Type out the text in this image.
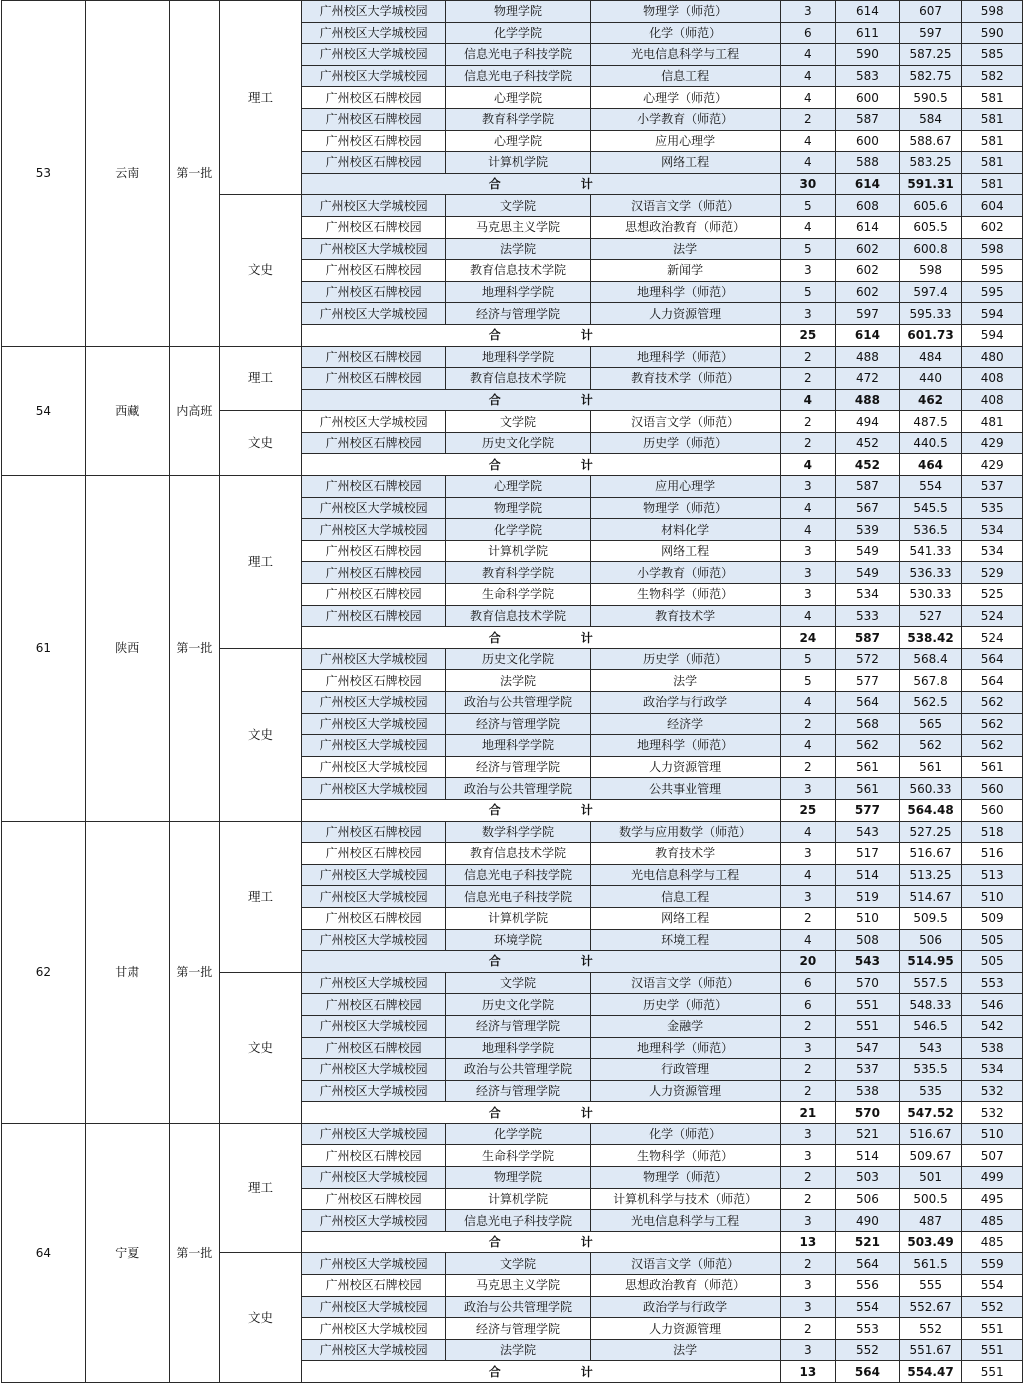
53	云南	第一批	理工	广州校区大学城校园	物理学院	物理学（师范）	3	614	607	598
				广州校区大学城校园	化学学院	化学（师范）	6	611	597	590
				广州校区大学城校园	信息光电子科技学院	光电信息科学与工程	4	590	587.25	585
				广州校区大学城校园	信息光电子科技学院	信息工程	4	583	582.75	582
				广州校区石牌校园	心理学院	心理学（师范）	4	600	590.5	581
				广州校区石牌校园	教育科学学院	小学教育（师范）	2	587	584	581
				广州校区石牌校园	心理学院	应用心理学	4	600	588.67	581
				广州校区石牌校园	计算机学院	网络工程	4	588	583.25	581
				合 计			30	614	591.31	581
			文史	广州校区大学城校园	文学院	汉语言文学（师范）	5	608	605.6	604
				广州校区石牌校园	马克思主义学院	思想政治教育（师范）	4	614	605.5	602
				广州校区大学城校园	法学院	法学	5	602	600.8	598
				广州校区石牌校园	教育信息技术学院	新闻学	3	602	598	595
				广州校区石牌校园	地理科学学院	地理科学（师范）	5	602	597.4	595
				广州校区大学城校园	经济与管理学院	人力资源管理	3	597	595.33	594
				合 计			25	614	601.73	594
54	西藏	内高班	理工	广州校区石牌校园	地理科学学院	地理科学（师范）	2	488	484	480
				广州校区石牌校园	教育信息技术学院	教育技术学（师范）	2	472	440	408
				合 计			4	488	462	408
			文史	广州校区大学城校园	文学院	汉语言文学（师范）	2	494	487.5	481
				广州校区石牌校园	历史文化学院	历史学（师范）	2	452	440.5	429
				合 计			4	452	464	429
61	陕西	第一批	理工	广州校区石牌校园	心理学院	应用心理学	3	587	554	537
				广州校区大学城校园	物理学院	物理学（师范）	4	567	545.5	535
				广州校区大学城校园	化学学院	材料化学	4	539	536.5	534
				广州校区石牌校园	计算机学院	网络工程	3	549	541.33	534
				广州校区石牌校园	教育科学学院	小学教育（师范）	3	549	536.33	529
				广州校区石牌校园	生命科学学院	生物科学（师范）	3	534	530.33	525
				广州校区石牌校园	教育信息技术学院	教育技术学	4	533	527	524
				合 计			24	587	538.42	524
			文史	广州校区大学城校园	历史文化学院	历史学（师范）	5	572	568.4	564
				广州校区石牌校园	法学院	法学	5	577	567.8	564
				广州校区大学城校园	政治与公共管理学院	政治学与行政学	4	564	562.5	562
				广州校区大学城校园	经济与管理学院	经济学	2	568	565	562
				广州校区大学城校园	地理科学学院	地理科学（师范）	4	562	562	562
				广州校区大学城校园	经济与管理学院	人力资源管理	2	561	561	561
				广州校区大学城校园	政治与公共管理学院	公共事业管理	3	561	560.33	560
				合 计			25	577	564.48	560
62	甘肃	第一批	理工	广州校区石牌校园	数学科学学院	数学与应用数学（师范）	4	543	527.25	518
				广州校区石牌校园	教育信息技术学院	教育技术学	3	517	516.67	516
				广州校区大学城校园	信息光电子科技学院	光电信息科学与工程	4	514	513.25	513
				广州校区大学城校园	信息光电子科技学院	信息工程	3	519	514.67	510
				广州校区石牌校园	计算机学院	网络工程	2	510	509.5	509
				广州校区大学城校园	环境学院	环境工程	4	508	506	505
				合 计			20	543	514.95	505
			文史	广州校区大学城校园	文学院	汉语言文学（师范）	6	570	557.5	553
				广州校区石牌校园	历史文化学院	历史学（师范）	6	551	548.33	546
				广州校区大学城校园	经济与管理学院	金融学	2	551	546.5	542
				广州校区石牌校园	地理科学学院	地理科学（师范）	3	547	543	538
				广州校区大学城校园	政治与公共管理学院	行政管理	2	537	535.5	534
				广州校区大学城校园	经济与管理学院	人力资源管理	2	538	535	532
				合 计			21	570	547.52	532
64	宁夏	第一批	理工	广州校区大学城校园	化学学院	化学（师范）	3	521	516.67	510
				广州校区石牌校园	生命科学学院	生物科学（师范）	3	514	509.67	507
				广州校区大学城校园	物理学院	物理学（师范）	2	503	501	499
				广州校区石牌校园	计算机学院	计算机科学与技术（师范）	2	506	500.5	495
				广州校区大学城校园	信息光电子科技学院	光电信息科学与工程	3	490	487	485
				合 计			13	521	503.49	485
			文史	广州校区大学城校园	文学院	汉语言文学（师范）	2	564	561.5	559
				广州校区石牌校园	马克思主义学院	思想政治教育（师范）	3	556	555	554
				广州校区大学城校园	政治与公共管理学院	政治学与行政学	3	554	552.67	552
				广州校区大学城校园	经济与管理学院	人力资源管理	2	553	552	551
				广州校区大学城校园	法学院	法学	3	552	551.67	551
				合 计			13	564	554.47	551
